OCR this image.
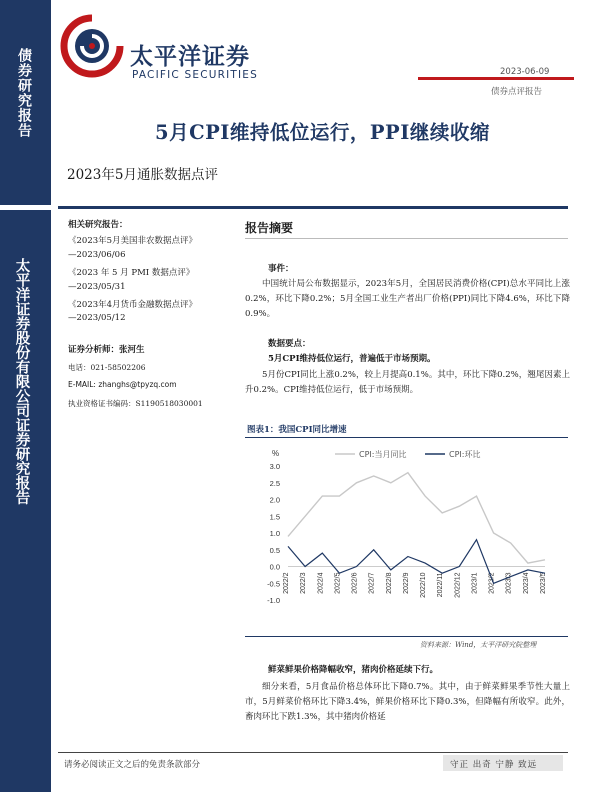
债券研究报告
太平洋证券股份有限公司证券研究报告
太平洋证券
PACIFIC SECURITIES	2023-06-09
债券点评报告
5月CPI维持低位运行，PPI继续收缩
2023年5月通胀数据点评
相关研究报告：
《2023年5月美国非农数据点评》
—2023/06/06
《2023 年 5 月 PMI 数据点评》
—2023/05/31
《2023年4月货币金融数据点评》
—2023/05/12
证券分析师：张河生
电话：021-58502206
E-MAIL: zhanghs@tpyzq.com
执业资格证书编码：S1190518030001
报告摘要
事件：
中国统计局公布数据显示，2023年5月，全国居民消费价格(CPI)总水平同比上涨0.2%，环比下降0.2%；5月全国工业生产者出厂价格(PPI)同比下降4.6%，环比下降0.9%。
数据要点：
5月CPI维持低位运行，普遍低于市场预期。
5月份CPI同比上涨0.2%，较上月提高0.1%。其中，环比下降0.2%，翘尾因素上升0.2%。CPI维持低位运行，低于市场预期。
图表1：我国CPI同比增速
%
3.0
2.5
2.0
1.5
1.0
0.5
0.0
-0.5
-1.0
2022/2 2022/3 2022/4 2022/5 2022/6 2022/7 2022/8 2022/9 2022/10 2022/11 2022/12 2023/1 2023/2 2023/3 2023/4 2023/5
CPI:当月同比	CPI:环比
资料来源：Wind，太平洋研究院整理
鲜菜鲜果价格降幅收窄，猪肉价格延续下行。
细分来看，5月食品价格总体环比下降0.7%。其中，由于鲜菜鲜果季节性大量上市，5月鲜菜价格环比下降3.4%，鲜果价格环比下降0.3%，但降幅有所收窄。此外，畜肉环比下跌1.3%，其中猪肉价格延
请务必阅读正文之后的免责条款部分	守正 出奇 宁静 致远
